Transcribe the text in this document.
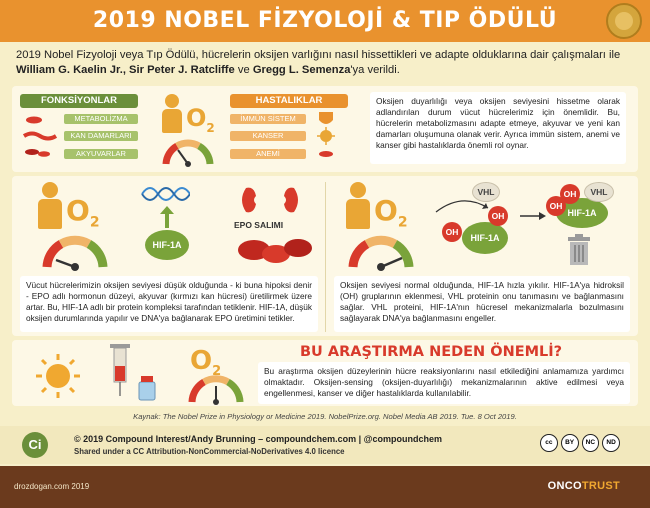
2019 NOBEL FİZYOLOJİ & TIP ÖDÜLÜ
2019 Nobel Fizyoloji veya Tıp Ödülü, hücrelerin oksijen varlığını nasıl hissettikleri ve adapte olduklarına dair çalışmaları ile William G. Kaelin Jr., Sir Peter J. Ratcliffe ve Gregg L. Semenza'ya verildi.
FONKSİYONLAR
METABOLİZMA
KAN DAMARLARI
AKYUVARLAR
$O_2$
HASTALIKLAR
İMMÜN SİSTEM
KANSER
ANEMİ
Oksijen duyarlılığı veya oksijen seviyesini hissetme olarak adlandırılan durum vücut hücrelerimiz için önemlidir. Bu, hücrelerin metabolizmasını adapte etmeye, akyuvar ve yeni kan damarları oluşumuna olanak verir. Ayrıca immün sistem, anemi ve kanser gibi hastalıklarda önemli rol oynar.
$O_2$
HIF-1A
EPO SALIMI	$O_2$
VHL
HIF-1A
OH
OH	HIF-1A
OH
OH
VHL
Vücut hücrelerimizin oksijen seviyesi düşük olduğunda - ki buna hipoksi denir - EPO adlı hormonun düzeyi, akyuvar (kırmızı kan hücresi) üretilirmek üzere artar. Bu, HIF-1A adlı bir protein kompleksi tarafından tetiklenir. HIF-1A, düşük oksijen durumlarında yapılır ve DNA'ya bağlanarak EPO üretimini tetikler.
Oksijen seviyesi normal olduğunda, HIF-1A hızla yıkılır. HIF-1A'ya hidroksil (OH) gruplarının eklenmesi, VHL proteinin onu tanımasını ve bağlanmasını sağlar. VHL proteini, HIF-1A'nın hücresel mekanizmalarla bozulmasını sağlayarak DNA'ya bağlanmasını engeller.
$O_2$
BU ARAŞTIRMA NEDEN ÖNEMLİ?
Bu araştırma oksijen düzeylerinin hücre reaksiyonlarını nasıl etkilediğini anlamamıza yardımcı olmaktadır. Oksijen-sensing (oksijen-duyarlılığı) mekanizmalarının aktive edilmesi veya engellenmesi, kanser ve diğer hastalıklarda kullanılabilir.
Kaynak: The Nobel Prize in Physiology or Medicine 2019. NobelPrize.org. Nobel Media AB 2019. Tue. 8 Oct 2019.
Ci	© 2019 Compound Interest/Andy Brunning – compoundchem.com | @compoundchem
Shared under a CC Attribution-NonCommercial-NoDerivatives 4.0 licence
cc	BY	NC	ND
drozdogan.com 2019	ONCOTRUST
